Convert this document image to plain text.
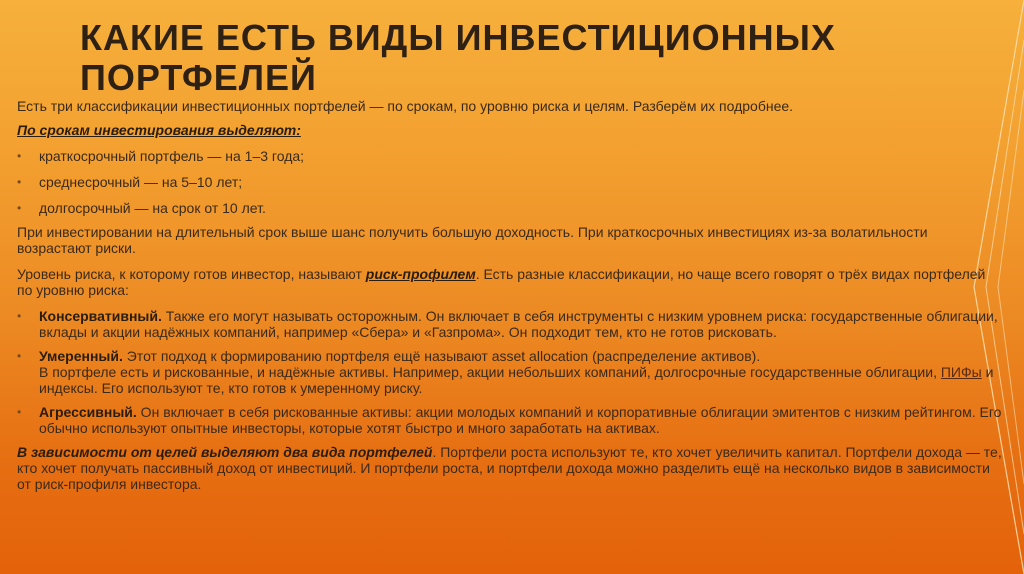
КАКИЕ ЕСТЬ ВИДЫ ИНВЕСТИЦИОННЫХ ПОРТФЕЛЕЙ

Есть три классификации инвестиционных портфелей — по срокам, по уровню риска и целям. Разберём их подробнее.

По срокам инвестирования выделяют:

• краткосрочный портфель — на 1–3 года;
• среднесрочный — на 5–10 лет;
• долгосрочный — на срок от 10 лет.

При инвестировании на длительный срок выше шанс получить большую доходность. При краткосрочных инвестициях из-за волатильности возрастают риски.

Уровень риска, к которому готов инвестор, называют риск-профилем. Есть разные классификации, но чаще всего говорят о трёх видах портфелей по уровню риска:

• Консервативный. Также его могут называть осторожным. Он включает в себя инструменты с низким уровнем риска: государственные облигации, вклады и акции надёжных компаний, например «Сбера» и «Газпрома». Он подходит тем, кто не готов рисковать.
• Умеренный. Этот подход к формированию портфеля ещё называют asset allocation (распределение активов).
В портфеле есть и рискованные, и надёжные активы. Например, акции небольших компаний, долгосрочные государственные облигации, ПИФы и индексы. Его используют те, кто готов к умеренному риску.
• Агрессивный. Он включает в себя рискованные активы: акции молодых компаний и корпоративные облигации эмитентов с низким рейтингом. Его обычно используют опытные инвесторы, которые хотят быстро и много заработать на активах.

В зависимости от целей выделяют два вида портфелей. Портфели роста используют те, кто хочет увеличить капитал. Портфели дохода — те, кто хочет получать пассивный доход от инвестиций. И портфели роста, и портфели дохода можно разделить ещё на несколько видов в зависимости от риск-профиля инвестора.
